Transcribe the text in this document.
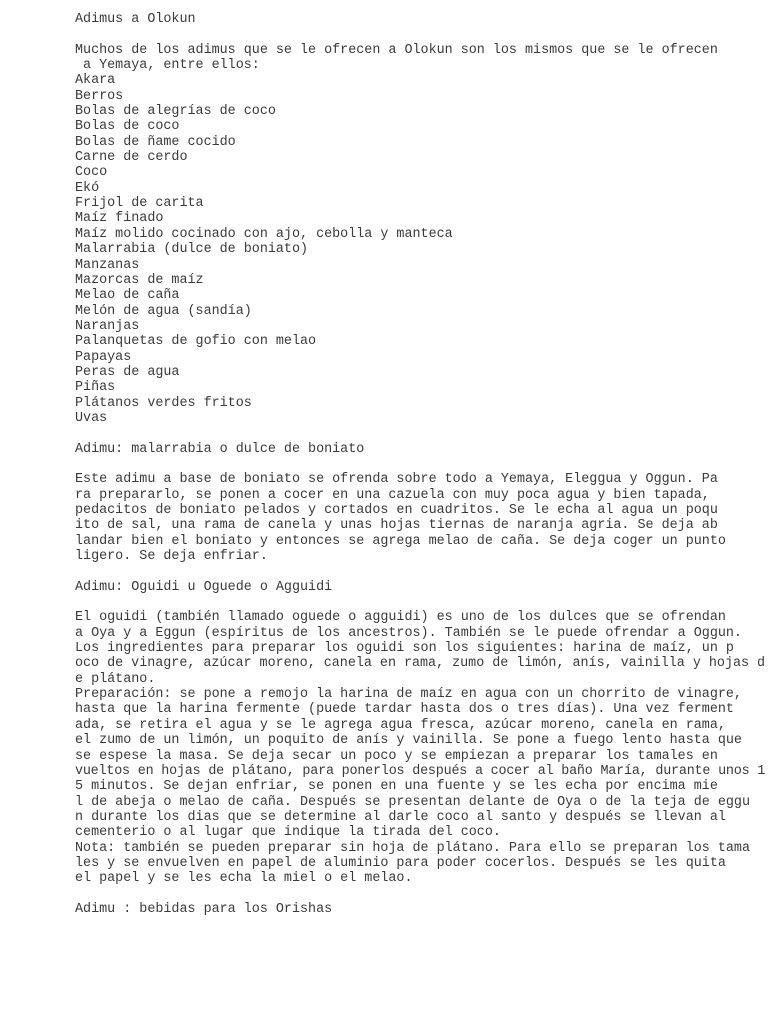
Adimus a Olokun
Muchos de los adimus que se le ofrecen a Olokun son los mismos que se le ofrecen
a Yemaya, entre ellos:
Akara
Berros
Bolas de alegrías de coco
Bolas de coco
Bolas de ñame cocido
Carne de cerdo
Coco
Ekó
Frijol de carita
Maíz finado
Maíz molido cocinado con ajo, cebolla y manteca
Malarrabia (dulce de boniato)
Manzanas
Mazorcas de maíz
Melao de caña
Melón de agua (sandía)
Naranjas
Palanquetas de gofio con melao
Papayas
Peras de agua
Piñas
Plátanos verdes fritos
Uvas
Adimu: malarrabia o dulce de boniato
Este adimu a base de boniato se ofrenda sobre todo a Yemaya, Eleggua y Oggun. Pa
ra prepararlo, se ponen a cocer en una cazuela con muy poca agua y bien tapada,
pedacitos de boniato pelados y cortados en cuadritos. Se le echa al agua un poqu
ito de sal, una rama de canela y unas hojas tiernas de naranja agria. Se deja ab
landar bien el boniato y entonces se agrega melao de caña. Se deja coger un punto
ligero. Se deja enfriar.
Adimu: Oguidi u Oguede o Agguidi
El oguidi (también llamado oguede o agguidi) es uno de los dulces que se ofrendan
a Oya y a Eggun (espíritus de los ancestros). También se le puede ofrendar a Oggun.
Los ingredientes para preparar los oguidi son los siguientes: harina de maíz, un p
oco de vinagre, azúcar moreno, canela en rama, zumo de limón, anís, vainilla y hojas d
e plátano.
Preparación: se pone a remojo la harina de maíz en agua con un chorrito de vinagre,
hasta que la harina fermente (puede tardar hasta dos o tres días). Una vez ferment
ada, se retira el agua y se le agrega agua fresca, azúcar moreno, canela en rama,
el zumo de un limón, un poquito de anís y vainilla. Se pone a fuego lento hasta que
se espese la masa. Se deja secar un poco y se empiezan a preparar los tamales en
vueltos en hojas de plátano, para ponerlos después a cocer al baño María, durante unos 1
5 minutos. Se dejan enfriar, se ponen en una fuente y se les echa por encima mie
l de abeja o melao de caña. Después se presentan delante de Oya o de la teja de eggu
n durante los dias que se determine al darle coco al santo y después se llevan al
cementerio o al lugar que indique la tirada del coco.
Nota: también se pueden preparar sin hoja de plátano. Para ello se preparan los tama
les y se envuelven en papel de aluminio para poder cocerlos. Después se les quita
el papel y se les echa la miel o el melao.
Adimu : bebidas para los Orishas
